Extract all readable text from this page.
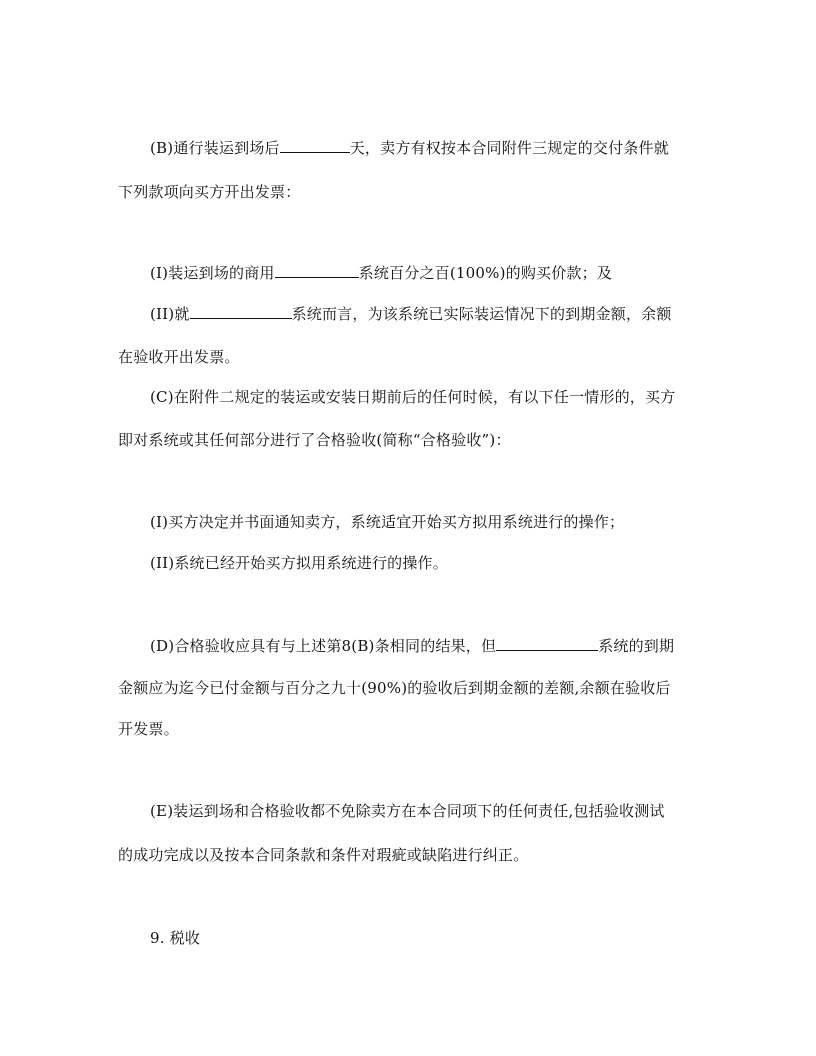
(B)通行装运到场后	天，卖方有权按本合同附件三规定的交付条件就
下列款项向买方开出发票：
(I)装运到场的商用	系统百分之百(100%)的购买价款；及
(II)就	系统而言，为该系统已实际装运情况下的到期金额，余额
在验收开出发票。
(C)在附件二规定的装运或安装日期前后的任何时候，有以下任一情形的，买方
即对系统或其任何部分进行了合格验收(简称“合格验收”)：
(I)买方决定并书面通知卖方，系统适宜开始买方拟用系统进行的操作；
(II)系统已经开始买方拟用系统进行的操作。
(D)合格验收应具有与上述第8(B)条相同的结果，但	系统的到期
金额应为迄今已付金额与百分之九十(90%)的验收后到期金额的差额,余额在验收后
开发票。
(E)装运到场和合格验收都不免除卖方在本合同项下的任何责任,包括验收测试
的成功完成以及按本合同条款和条件对瑕疵或缺陷进行纠正。
9. 税收
